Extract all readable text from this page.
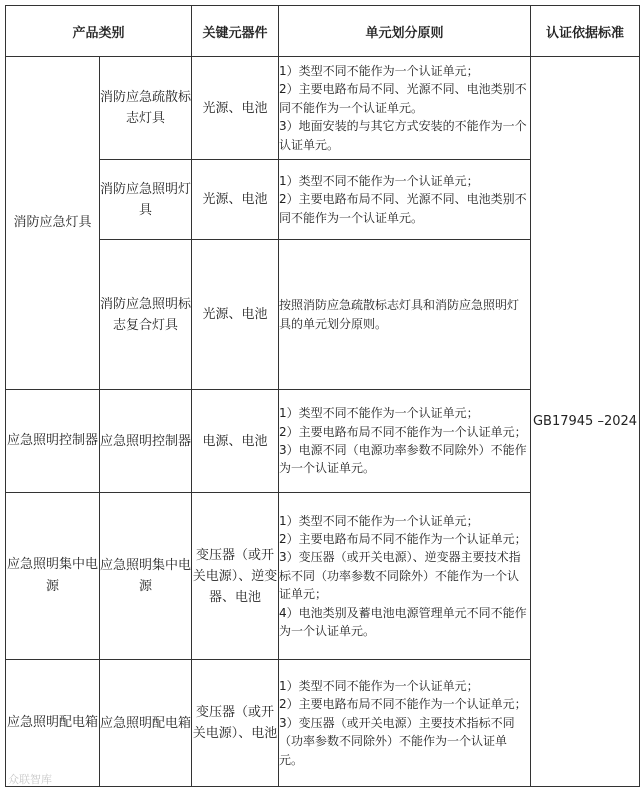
产品类别		关键元器件	单元划分原则	认证依据标准
消防应急灯具	消防应急疏散标志灯具	光源、电池	1）类型不同不能作为一个认证单元；
2）主要电路布局不同、光源不同、电池类别不同不能作为一个认证单元。
3）地面安装的与其它方式安装的不能作为一个认证单元。	GB17945 –2024
	消防应急照明灯具	光源、电池	1）类型不同不能作为一个认证单元；
2）主要电路布局不同、光源不同、电池类别不同不能作为一个认证单元。	

	消防应急照明标志复合灯具	光源、电池	按照消防应急疏散标志灯具和消防应急照明灯具的单元划分原则。	

应急照明控制器	应急照明控制器	电源、电池	1）类型不同不能作为一个认证单元；
2）主要电路布局不同不能作为一个认证单元；
3）电源不同（电源功率参数不同除外）不能作为一个认证单元。	

应急照明集中电源	应急照明集中电源	变压器（或开关电源）、逆变器、电池	1）类型不同不能作为一个认证单元；
2）主要电路布局不同不能作为一个认证单元；
3）变压器（或开关电源）、逆变器主要技术指标不同（功率参数不同除外）不能作为一个认证单元；
4）电池类别及蓄电池电源管理单元不同不能作为一个认证单元。	

应急照明配电箱	应急照明配电箱	变压器（或开关电源）、电池	1）类型不同不能作为一个认证单元；
2）主要电路布局不同不能作为一个认证单元；
3）变压器（或开关电源）主要技术指标不同（功率参数不同除外）不能作为一个认证单元。	
众联智库
